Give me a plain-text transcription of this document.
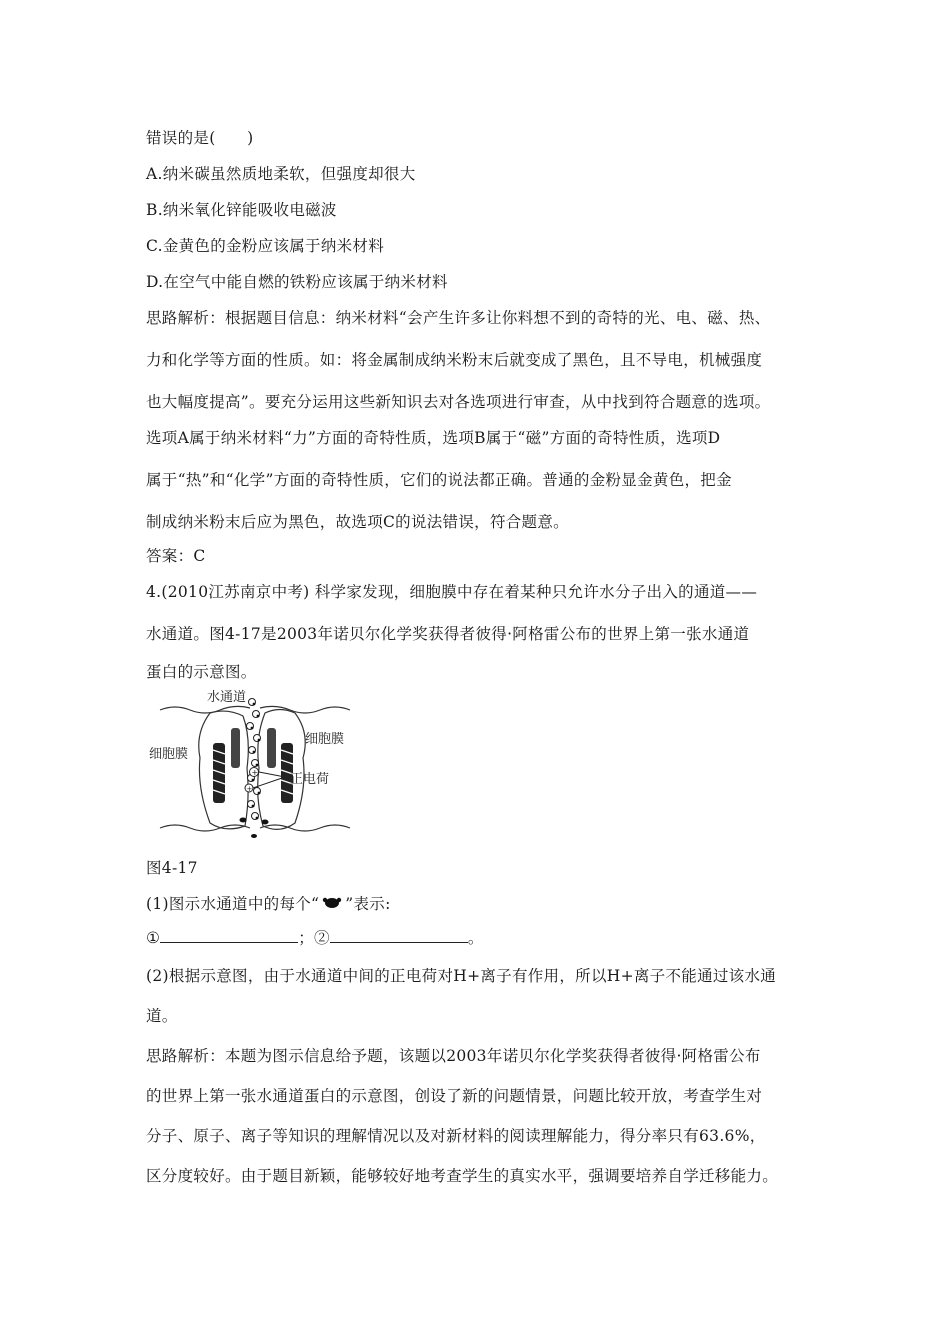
错误的是(　　)
A.纳米碳虽然质地柔软，但强度却很大
B.纳米氧化锌能吸收电磁波
C.金黄色的金粉应该属于纳米材料
D.在空气中能自燃的铁粉应该属于纳米材料
思路解析：根据题目信息：纳米材料“会产生许多让你料想不到的奇特的光、电、磁、热、
力和化学等方面的性质。如：将金属制成纳米粉末后就变成了黑色，且不导电，机械强度
也大幅度提高”。要充分运用这些新知识去对各选项进行审查，从中找到符合题意的选项。
选项A属于纳米材料“力”方面的奇特性质，选项B属于“磁”方面的奇特性质，选项D
属于“热”和“化学”方面的奇特性质，它们的说法都正确。普通的金粉显金黄色，把金
制成纳米粉末后应为黑色，故选项C的说法错误，符合题意。
答案：C
4.(2010江苏南京中考) 科学家发现，细胞膜中存在着某种只允许水分子出入的通道——
水通道。图4-17是2003年诺贝尔化学奖获得者彼得·阿格雷公布的世界上第一张水通道
蛋白的示意图。
+
+
水通道
细胞膜
细胞膜
正电荷
图4-17
(1)图示水通道中的每个“ ”表示:
①	；②	。
(2)根据示意图，由于水通道中间的正电荷对H+离子有作用，所以H+离子不能通过该水通
道。
思路解析：本题为图示信息给予题，该题以2003年诺贝尔化学奖获得者彼得·阿格雷公布
的世界上第一张水通道蛋白的示意图，创设了新的问题情景，问题比较开放，考查学生对
分子、原子、离子等知识的理解情况以及对新材料的阅读理解能力，得分率只有63.6%，
区分度较好。由于题目新颖，能够较好地考查学生的真实水平，强调要培养自学迁移能力。
